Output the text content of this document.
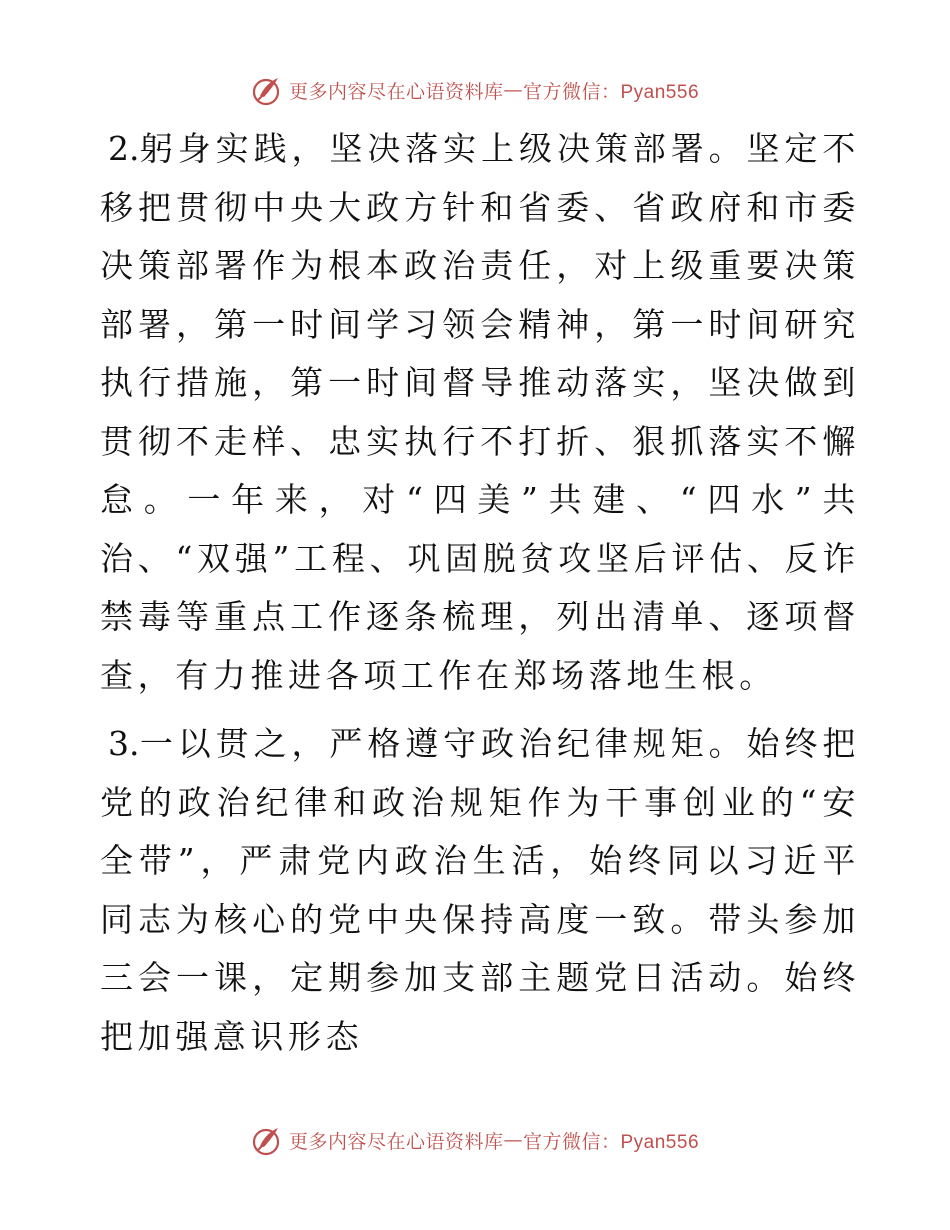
更多内容尽在心语资料库 — 官方微信：Pyan556

2.躬身实践，坚决落实上级决策部署。坚定不移把贯彻中央大政方针和省委、省政府和市委决策部署作为根本政治责任，对上级重要决策部署，第一时间学习领会精神，第一时间研究执行措施，第一时间督导推动落实，坚决做到贯彻不走样、忠实执行不打折、狠抓落实不懈怠。一年来，对“四美”共建、“四水”共治、“双强”工程、巩固脱贫攻坚后评估、反诈禁毒等重点工作逐条梳理，列出清单、逐项督查，有力推进各项工作在郑场落地生根。

3.一以贯之，严格遵守政治纪律规矩。始终把党的政治纪律和政治规矩作为干事创业的“安全带”，严肃党内政治生活，始终同以习近平同志为核心的党中央保持高度一致。带头参加三会一课，定期参加支部主题党日活动。始终把加强意识形态

更多内容尽在心语资料库 — 官方微信：Pyan556
